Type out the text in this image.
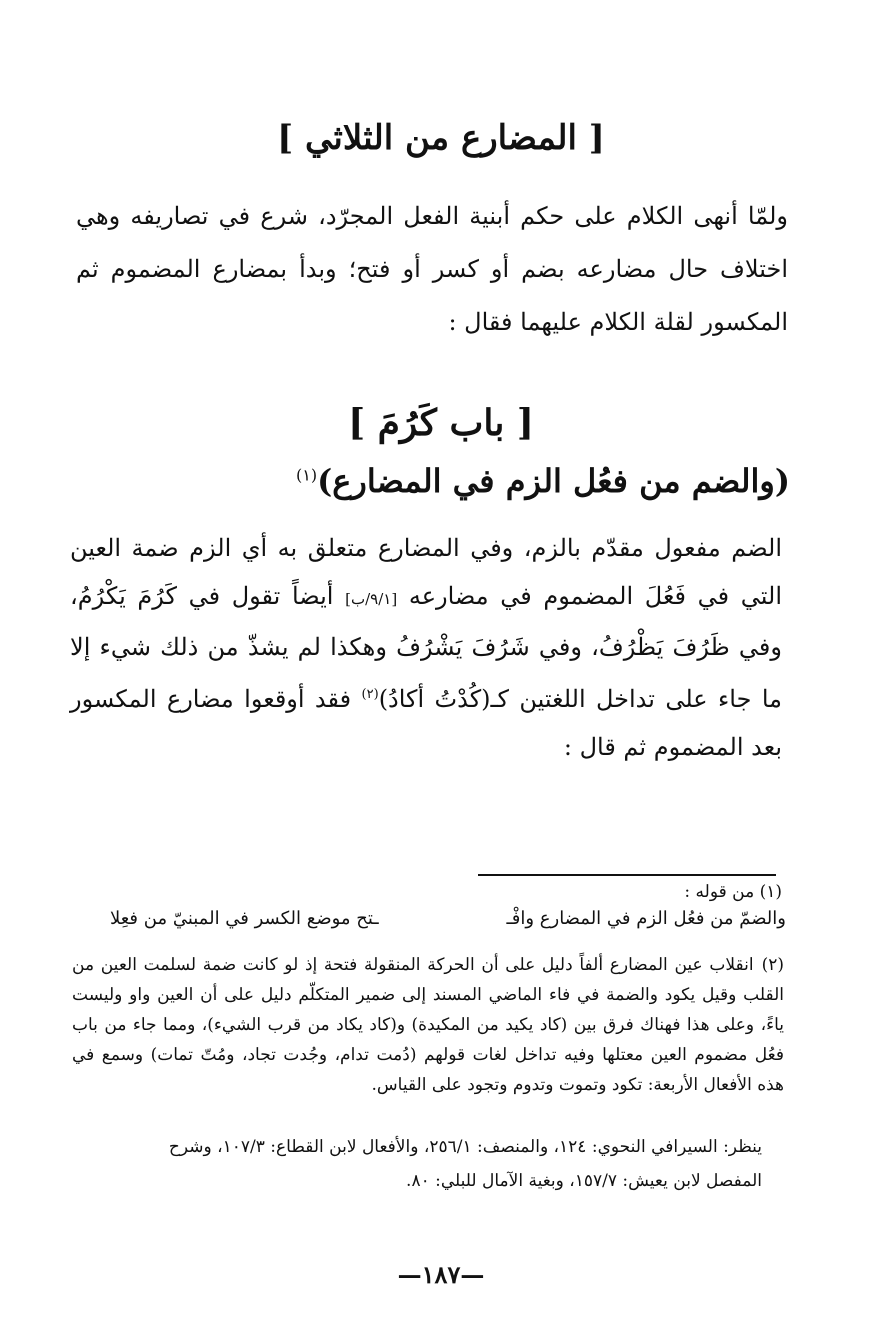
[ المضارع من الثلاثي ]
ولمّا أنهى الكلام على حكم أبنية الفعل المجرّد، شرع في تصاريفه وهي اختلاف حال مضارعه بضم أو كسر أو فتح؛ وبدأ بمضارع المضموم ثم المكسور لقلة الكلام عليهما فقال :
[ باب كَرُمَ ]
(والضم من فعُل الزم في المضارع)$^{(١)}$
الضم مفعول مقدّم بالزم، وفي المضارع متعلق به أي الزم ضمة العين التي في فَعُلَ المضموم في مضارعه [٩/١/ب] أيضاً تقول في كَرُمَ يَكْرُمُ، وفي ظَرُفَ يَظْرُفُ، وفي شَرُفَ يَشْرُفُ وهكذا لم يشذّ من ذلك شيء إلا ما جاء على تداخل اللغتين كـ(كُدْتُ أكادُ)$^{(٢)}$ فقد أوقعوا مضارع المكسور بعد المضموم ثم قال :
(١) من قوله :
والضمّ من فعُل الزم في المضارع وافْـ
ـتح موضع الكسر في المبنيّ من فعِلا

(٢)انقلاب عين المضارع ألفاً دليل على أن الحركة المنقولة فتحة إذ لو كانت ضمة لسلمت العين من القلب وقيل يكود والضمة في فاء الماضي المسند إلى ضمير المتكلّم دليل على أن العين واو وليست ياءً، وعلى هذا فهناك فرق بين (كاد يكيد من المكيدة) و(كاد يكاد من قرب الشيء)، ومما جاء من باب فعُل مضموم العين معتلها وفيه تداخل لغات قولهم (دُمت تدام، وجُدت تجاد، ومُتّ تمات) وسمع في هذه الأفعال الأربعة: تكود وتموت وتدوم وتجود على القياس.

ينظر: السيرافي النحوي: ١٢٤، والمنصف: ٢٥٦/١، والأفعال لابن القطاع: ١٠٧/٣، وشرح

المفصل لابن يعيش: ١٥٧/٧، وبغية الآمال للبلي: ٨٠.

—١٨٧—
